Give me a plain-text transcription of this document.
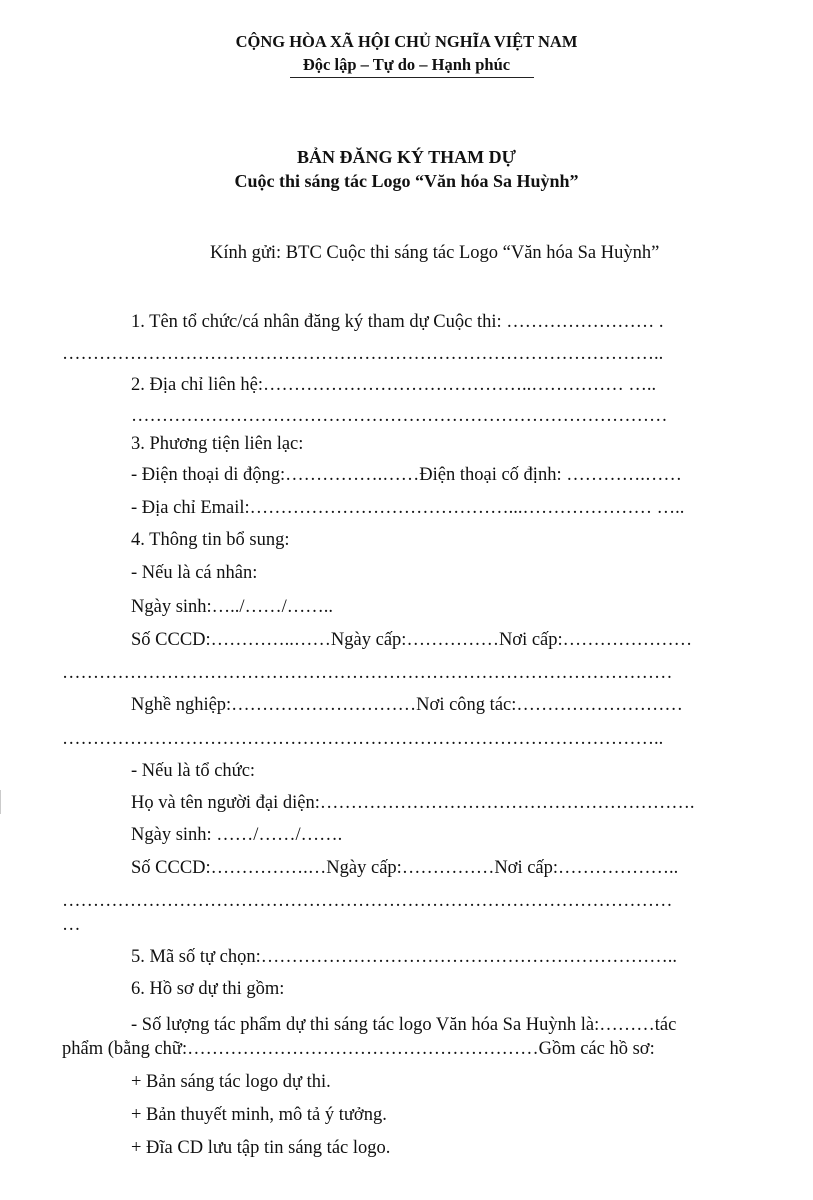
CỘNG HÒA XÃ HỘI CHỦ NGHĨA VIỆT NAM
Độc lập – Tự do – Hạnh phúc
BẢN ĐĂNG KÝ THAM DỰ
Cuộc thi sáng tác Logo “Văn hóa Sa Huỳnh”
Kính gửi: BTC Cuộc thi sáng tác Logo “Văn hóa Sa Huỳnh”
1. Tên tổ chức/cá nhân đăng ký tham dự Cuộc thi: …………………… .
……………………………………………………………………………………..
2. Địa chỉ liên hệ:……………………………………..…………… …..
……………………………………………………………………………
3. Phương tiện liên lạc:
- Điện thoại di động:…………….……Điện thoại cố định: ………….……
- Địa chỉ Email:……………………………………...………………… …..
4. Thông tin bổ sung:
- Nếu là cá nhân:
Ngày sinh:…../……/……..
Số CCCD:…………..……Ngày cấp:……………Nơi cấp:…………………
………………………………………………………………………………………
Nghề nghiệp:…………………………Nơi công tác:………………………
……………………………………………………………………………………..
- Nếu là tổ chức:
Họ và tên người đại diện:…………………………………………………….
Ngày sinh: ……/……/…….
Số CCCD:…………….…Ngày cấp:……………Nơi cấp:………………..
………………………………………………………………………………………
…
5. Mã số tự chọn:…………………………………………………………..
6. Hồ sơ dự thi gồm:
- Số lượng tác phẩm dự thi sáng tác logo Văn hóa Sa Huỳnh là:………tác
phẩm (bằng chữ:…………………………………………………Gồm các hồ sơ:
+ Bản sáng tác logo dự thi.
+ Bản thuyết minh, mô tả ý tưởng.
+ Đĩa CD lưu tập tin sáng tác logo.
